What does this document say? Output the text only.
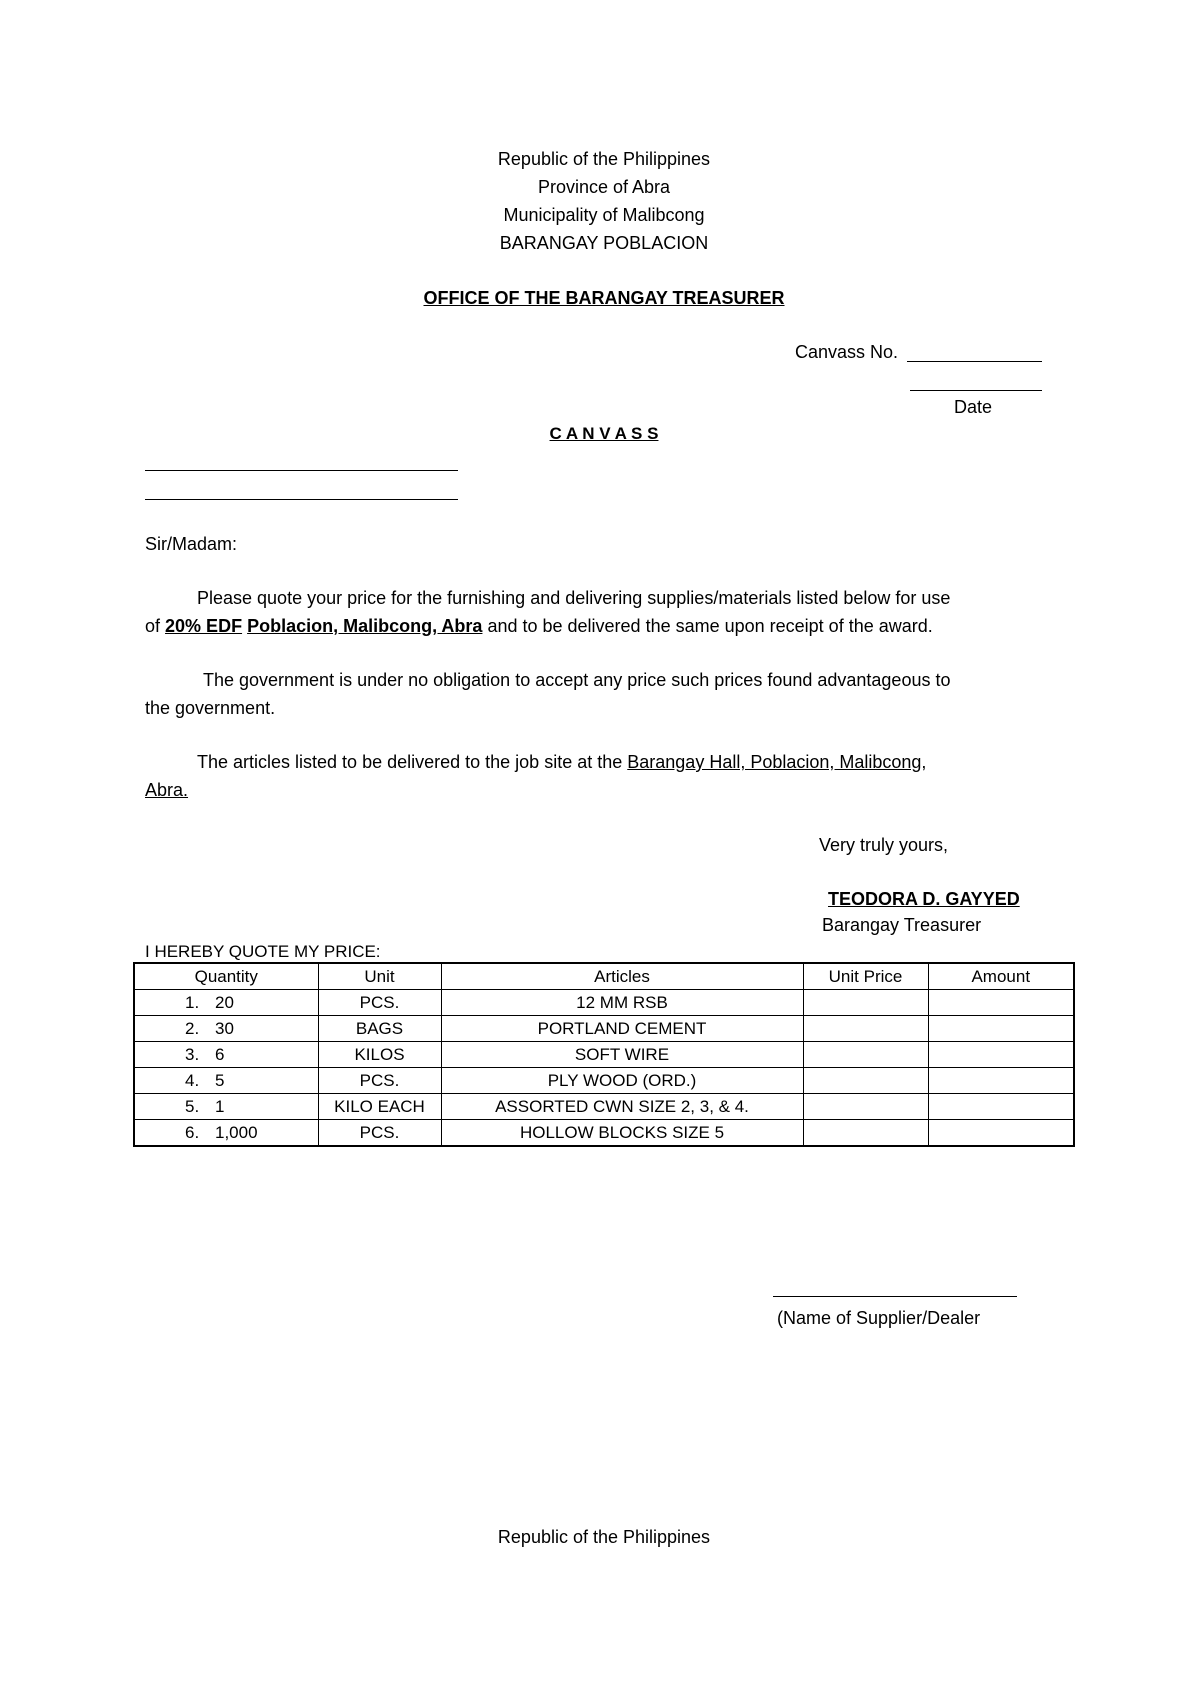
Republic of the Philippines
Province of Abra
Municipality of Malibcong
BARANGAY POBLACION
OFFICE OF THE BARANGAY TREASURER
Canvass No.
Date
C A N V A S S
Sir/Madam:
Please quote your price for the furnishing and delivering supplies/materials listed below for use
of 20% EDF Poblacion, Malibcong, Abra and to be delivered the same upon receipt of the award.
The government is under no obligation to accept any price such prices found advantageous to
the government.
The articles listed to be delivered to the job site at the Barangay Hall, Poblacion, Malibcong,
Abra.
Very truly yours,
TEODORA D. GAYYED
Barangay Treasurer
I HEREBY QUOTE MY PRICE:
Quantity	Unit	Articles	Unit Price	Amount
1. 20	PCS.	12 MM RSB		
2. 30	BAGS	PORTLAND CEMENT		
3. 6	KILOS	SOFT WIRE		
4. 5	PCS.	PLY WOOD (ORD.)		
5. 1	KILO EACH	ASSORTED CWN SIZE 2, 3, & 4.		
6. 1,000	PCS.	HOLLOW BLOCKS SIZE 5		
(Name of Supplier/Dealer
Republic of the Philippines
